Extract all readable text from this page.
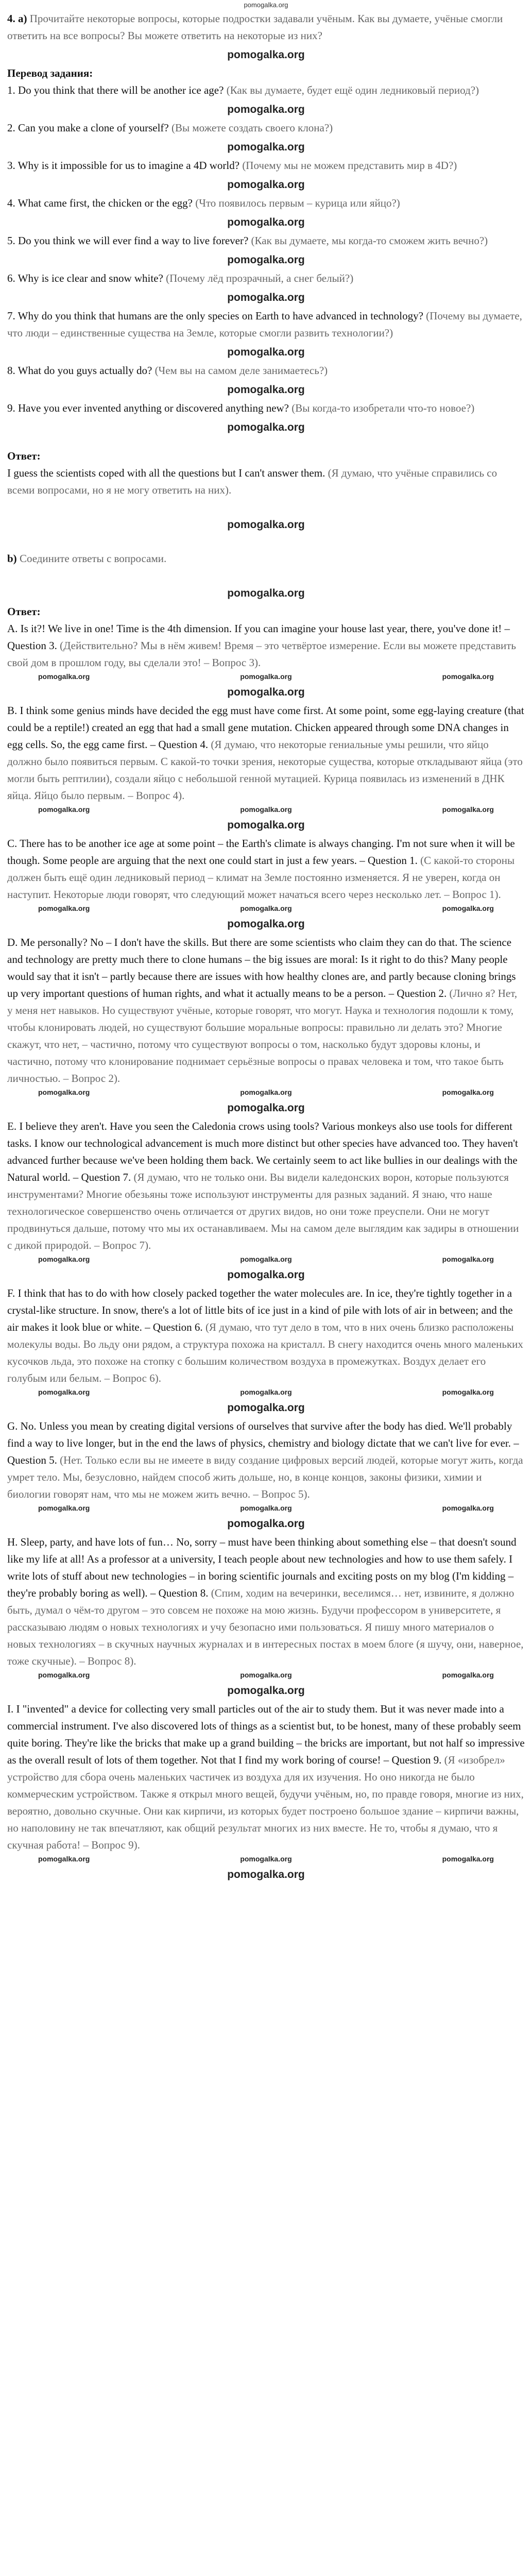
pomogalka.org

4. a) Прочитайте некоторые вопросы, которые подростки задавали учёным. Как вы думаете, учёные смогли ответить на все вопросы? Вы можете ответить на некоторые из них?

pomogalka.org

Перевод задания:

1. Do you think that there will be another ice age? (Как вы думаете, будет ещё один ледниковый период?)

pomogalka.org

2. Can you make a clone of yourself? (Вы можете создать своего клона?)

pomogalka.org

3. Why is it impossible for us to imagine a 4D world? (Почему мы не можем представить мир в 4D?)

pomogalka.org

4. What came first, the chicken or the egg? (Что появилось первым – курица или яйцо?)

pomogalka.org

5. Do you think we will ever find a way to live forever? (Как вы думаете, мы когда-то сможем жить вечно?)

pomogalka.org

6. Why is ice clear and snow white? (Почему лёд прозрачный, а снег белый?)

pomogalka.org

7. Why do you think that humans are the only species on Earth to have advanced in technology? (Почему вы думаете, что люди – единственные существа на Земле, которые смогли развить технологии?)

pomogalka.org

8. What do you guys actually do? (Чем вы на самом деле занимаетесь?)

pomogalka.org

9. Have you ever invented anything or discovered anything new? (Вы когда-то изобретали что-то новое?)

pomogalka.org

Ответ:

I guess the scientists coped with all the questions but I can't answer them. (Я думаю, что учёные справились со всеми вопросами, но я не могу ответить на них).

pomogalka.org

b) Соедините ответы с вопросами.

pomogalka.org

Ответ:

A. Is it?! We live in one! Time is the 4th dimension. If you can imagine your house last year, there, you've done it! – Question 3. (Действительно? Мы в нём живем! Время – это четвёртое измерение. Если вы можете представить свой дом в прошлом году, вы сделали это! – Вопрос 3).

pomogalka.org	pomogalka.org	pomogalka.org
pomogalka.org

B. I think some genius minds have decided the egg must have come first. At some point, some egg-laying creature (that could be a reptile!) created an egg that had a small gene mutation. Chicken appeared through some DNA changes in egg cells. So, the egg came first. – Question 4. (Я думаю, что некоторые гениальные умы решили, что яйцо должно было появиться первым. С какой-то точки зрения, некоторые существа, которые откладывают яйца (это могли быть рептилии), создали яйцо с небольшой генной мутацией. Курица появилась из изменений в ДНК яйца. Яйцо было первым. – Вопрос 4).

pomogalka.org	pomogalka.org	pomogalka.org
pomogalka.org

C. There has to be another ice age at some point – the Earth's climate is always changing. I'm not sure when it will be though. Some people are arguing that the next one could start in just a few years. – Question 1. (С какой-то стороны должен быть ещё один ледниковый период – климат на Земле постоянно изменяется. Я не уверен, когда он наступит. Некоторые люди говорят, что следующий может начаться всего через несколько лет. – Вопрос 1).

pomogalka.org	pomogalka.org	pomogalka.org
pomogalka.org

D. Me personally? No – I don't have the skills. But there are some scientists who claim they can do that. The science and technology are pretty much there to clone humans – the big issues are moral: Is it right to do this? Many people would say that it isn't – partly because there are issues with how healthy clones are, and partly because cloning brings up very important questions of human rights, and what it actually means to be a person. – Question 2. (Лично я? Нет, у меня нет навыков. Но существуют учёные, которые говорят, что могут. Наука и технология подошли к тому, чтобы клонировать людей, но существуют большие моральные вопросы: правильно ли делать это? Многие скажут, что нет, – частично, потому что существуют вопросы о том, насколько будут здоровы клоны, и частично, потому что клонирование поднимает серьёзные вопросы о правах человека и том, что такое быть личностью. – Вопрос 2).

pomogalka.org	pomogalka.org	pomogalka.org
pomogalka.org

E. I believe they aren't. Have you seen the Caledonia crows using tools? Various monkeys also use tools for different tasks. I know our technological advancement is much more distinct but other species have advanced too. They haven't advanced further because we've been holding them back. We certainly seem to act like bullies in our dealings with the Natural world. – Question 7. (Я думаю, что не только они. Вы видели каледонских ворон, которые пользуются инструментами? Многие обезьяны тоже используют инструменты для разных заданий. Я знаю, что наше технологическое совершенство очень отличается от других видов, но они тоже преуспели. Они не могут продвинуться дальше, потому что мы их останавливаем. Мы на самом деле выглядим как задиры в отношении с дикой природой. – Вопрос 7).

pomogalka.org	pomogalka.org	pomogalka.org
pomogalka.org

F. I think that has to do with how closely packed together the water molecules are. In ice, they're tightly together in a crystal-like structure. In snow, there's a lot of little bits of ice just in a kind of pile with lots of air in between; and the air makes it look blue or white. – Question 6. (Я думаю, что тут дело в том, что в них очень близко расположены молекулы воды. Во льду они рядом, а структура похожа на кристалл. В снегу находится очень много маленьких кусочков льда, это похоже на стопку с большим количеством воздуха в промежутках. Воздух делает его голубым или белым. – Вопрос 6).

pomogalka.org	pomogalka.org	pomogalka.org
pomogalka.org

G. No. Unless you mean by creating digital versions of ourselves that survive after the body has died. We'll probably find a way to live longer, but in the end the laws of physics, chemistry and biology dictate that we can't live for ever. – Question 5. (Нет. Только если вы не имеете в виду создание цифровых версий людей, которые могут жить, когда умрет тело. Мы, безусловно, найдем способ жить дольше, но, в конце концов, законы физики, химии и биологии говорят нам, что мы не можем жить вечно. – Вопрос 5).

pomogalka.org	pomogalka.org	pomogalka.org
pomogalka.org

H. Sleep, party, and have lots of fun… No, sorry – must have been thinking about something else – that doesn't sound like my life at all! As a professor at a university, I teach people about new technologies and how to use them safely. I write lots of stuff about new technologies – in boring scientific journals and exciting posts on my blog (I'm kidding – they're probably boring as well). – Question 8. (Спим, ходим на вечеринки, веселимся… нет, извините, я должно быть, думал о чём-то другом – это совсем не похоже на мою жизнь. Будучи профессором в университете, я рассказываю людям о новых технологиях и учу безопасно ими пользоваться. Я пишу много материалов о новых технологиях – в скучных научных журналах и в интересных постах в моем блоге (я шучу, они, наверное, тоже скучные). – Вопрос 8).

pomogalka.org	pomogalka.org	pomogalka.org
pomogalka.org

I. I "invented" a device for collecting very small particles out of the air to study them. But it was never made into a commercial instrument. I've also discovered lots of things as a scientist but, to be honest, many of these probably seem quite boring. They're like the bricks that make up a grand building – the bricks are important, but not half so impressive as the overall result of lots of them together. Not that I find my work boring of course! – Question 9. (Я «изобрел» устройство для сбора очень маленьких частичек из воздуха для их изучения. Но оно никогда не было коммерческим устройством. Также я открыл много вещей, будучи учёным, но, по правде говоря, многие из них, вероятно, довольно скучные. Они как кирпичи, из которых будет построено большое здание – кирпичи важны, но наполовину не так впечатляют, как общий результат многих из них вместе. Не то, чтобы я думаю, что я скучная работа! – Вопрос 9).

pomogalka.org	pomogalka.org	pomogalka.org
pomogalka.org
